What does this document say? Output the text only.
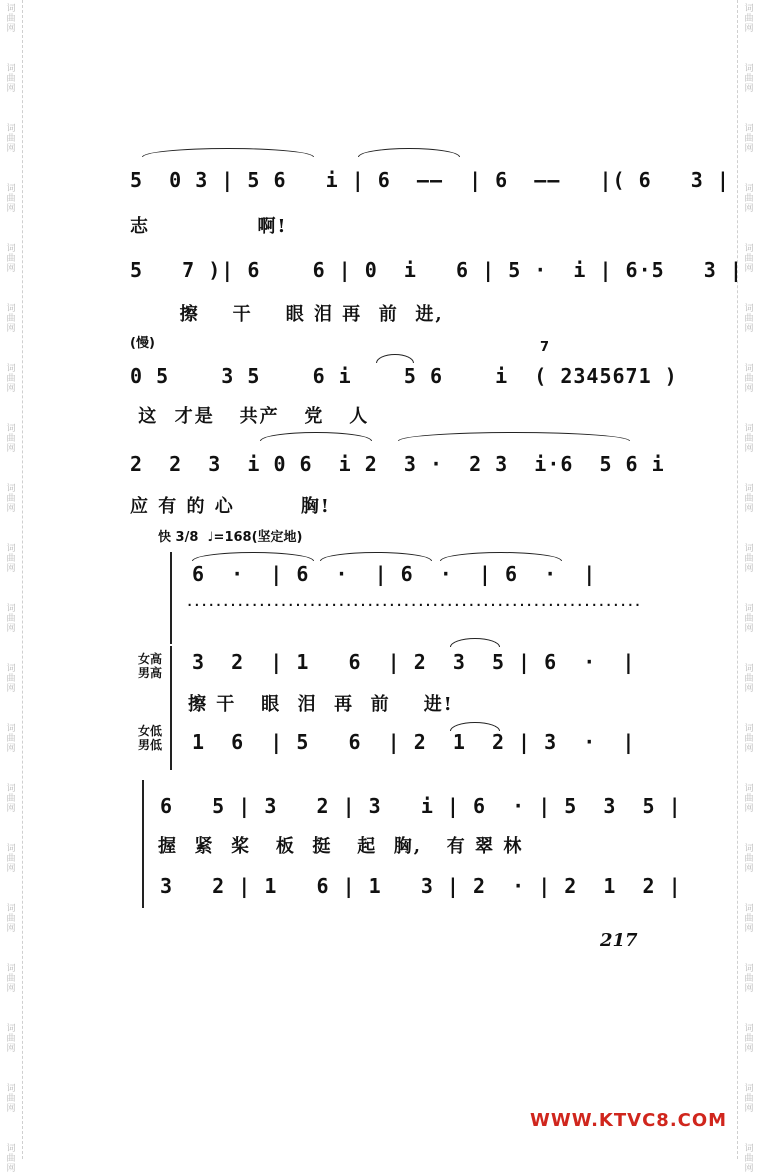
词
曲
网
词
曲
网
词
曲
网
词
曲
网
词
曲
网
词
曲
网
词
曲
网
词
曲
网
词
曲
网
词
曲
网
词
曲
网
词
曲
网
词
曲
网
词
曲
网
词
曲
网
词
曲
网
词
曲
网
词
曲
网
词
曲
网
词
曲
网
词
曲
网
词
曲
网
词
曲
网
词
曲
网
词
曲
网
词
曲
网
词
曲
网
词
曲
网
词
曲
网
词
曲
网
词
曲
网
词
曲
网
词
曲
网
词
曲
网
词
曲
网
词
曲
网
词
曲
网
词
曲
网
词
曲
网
词
曲
网
5  0 3 | 5 6   i | 6  ——  | 6  ——   |( 6   3 |
志             啊!
5   7 )| 6    6 | 0  i   6 | 5 ·  i | 6·5   3 |
擦    干    眼 泪 再  前  进,
(慢)	7
0 5    3 5    6 i    5 6    i  ( 2345671 )
这  才是   共产   党   人
2  2  3  i 0 6  i 2  3 ·  2 3  i·6  5 6 i
应 有 的 心        胸!
快 3/8  ♩=168(坚定地)
6  ·  | 6  ·  | 6  ·  | 6  ·  |
·······························································
女高 男高 3  2  | 1   6  | 2  3  5 | 6  ·  |
擦 干   眼  泪  再  前    进!
女低 男低 1  6  | 5   6  | 2  1  2 | 3  ·  |
6   5 | 3   2 | 3   i | 6  · | 5  3  5 |
握  紧  桨   板  挺   起  胸,   有 翠 林
3   2 | 1   6 | 1   3 | 2  · | 2  1  2 |
217
WWW.KTVC8.COM
